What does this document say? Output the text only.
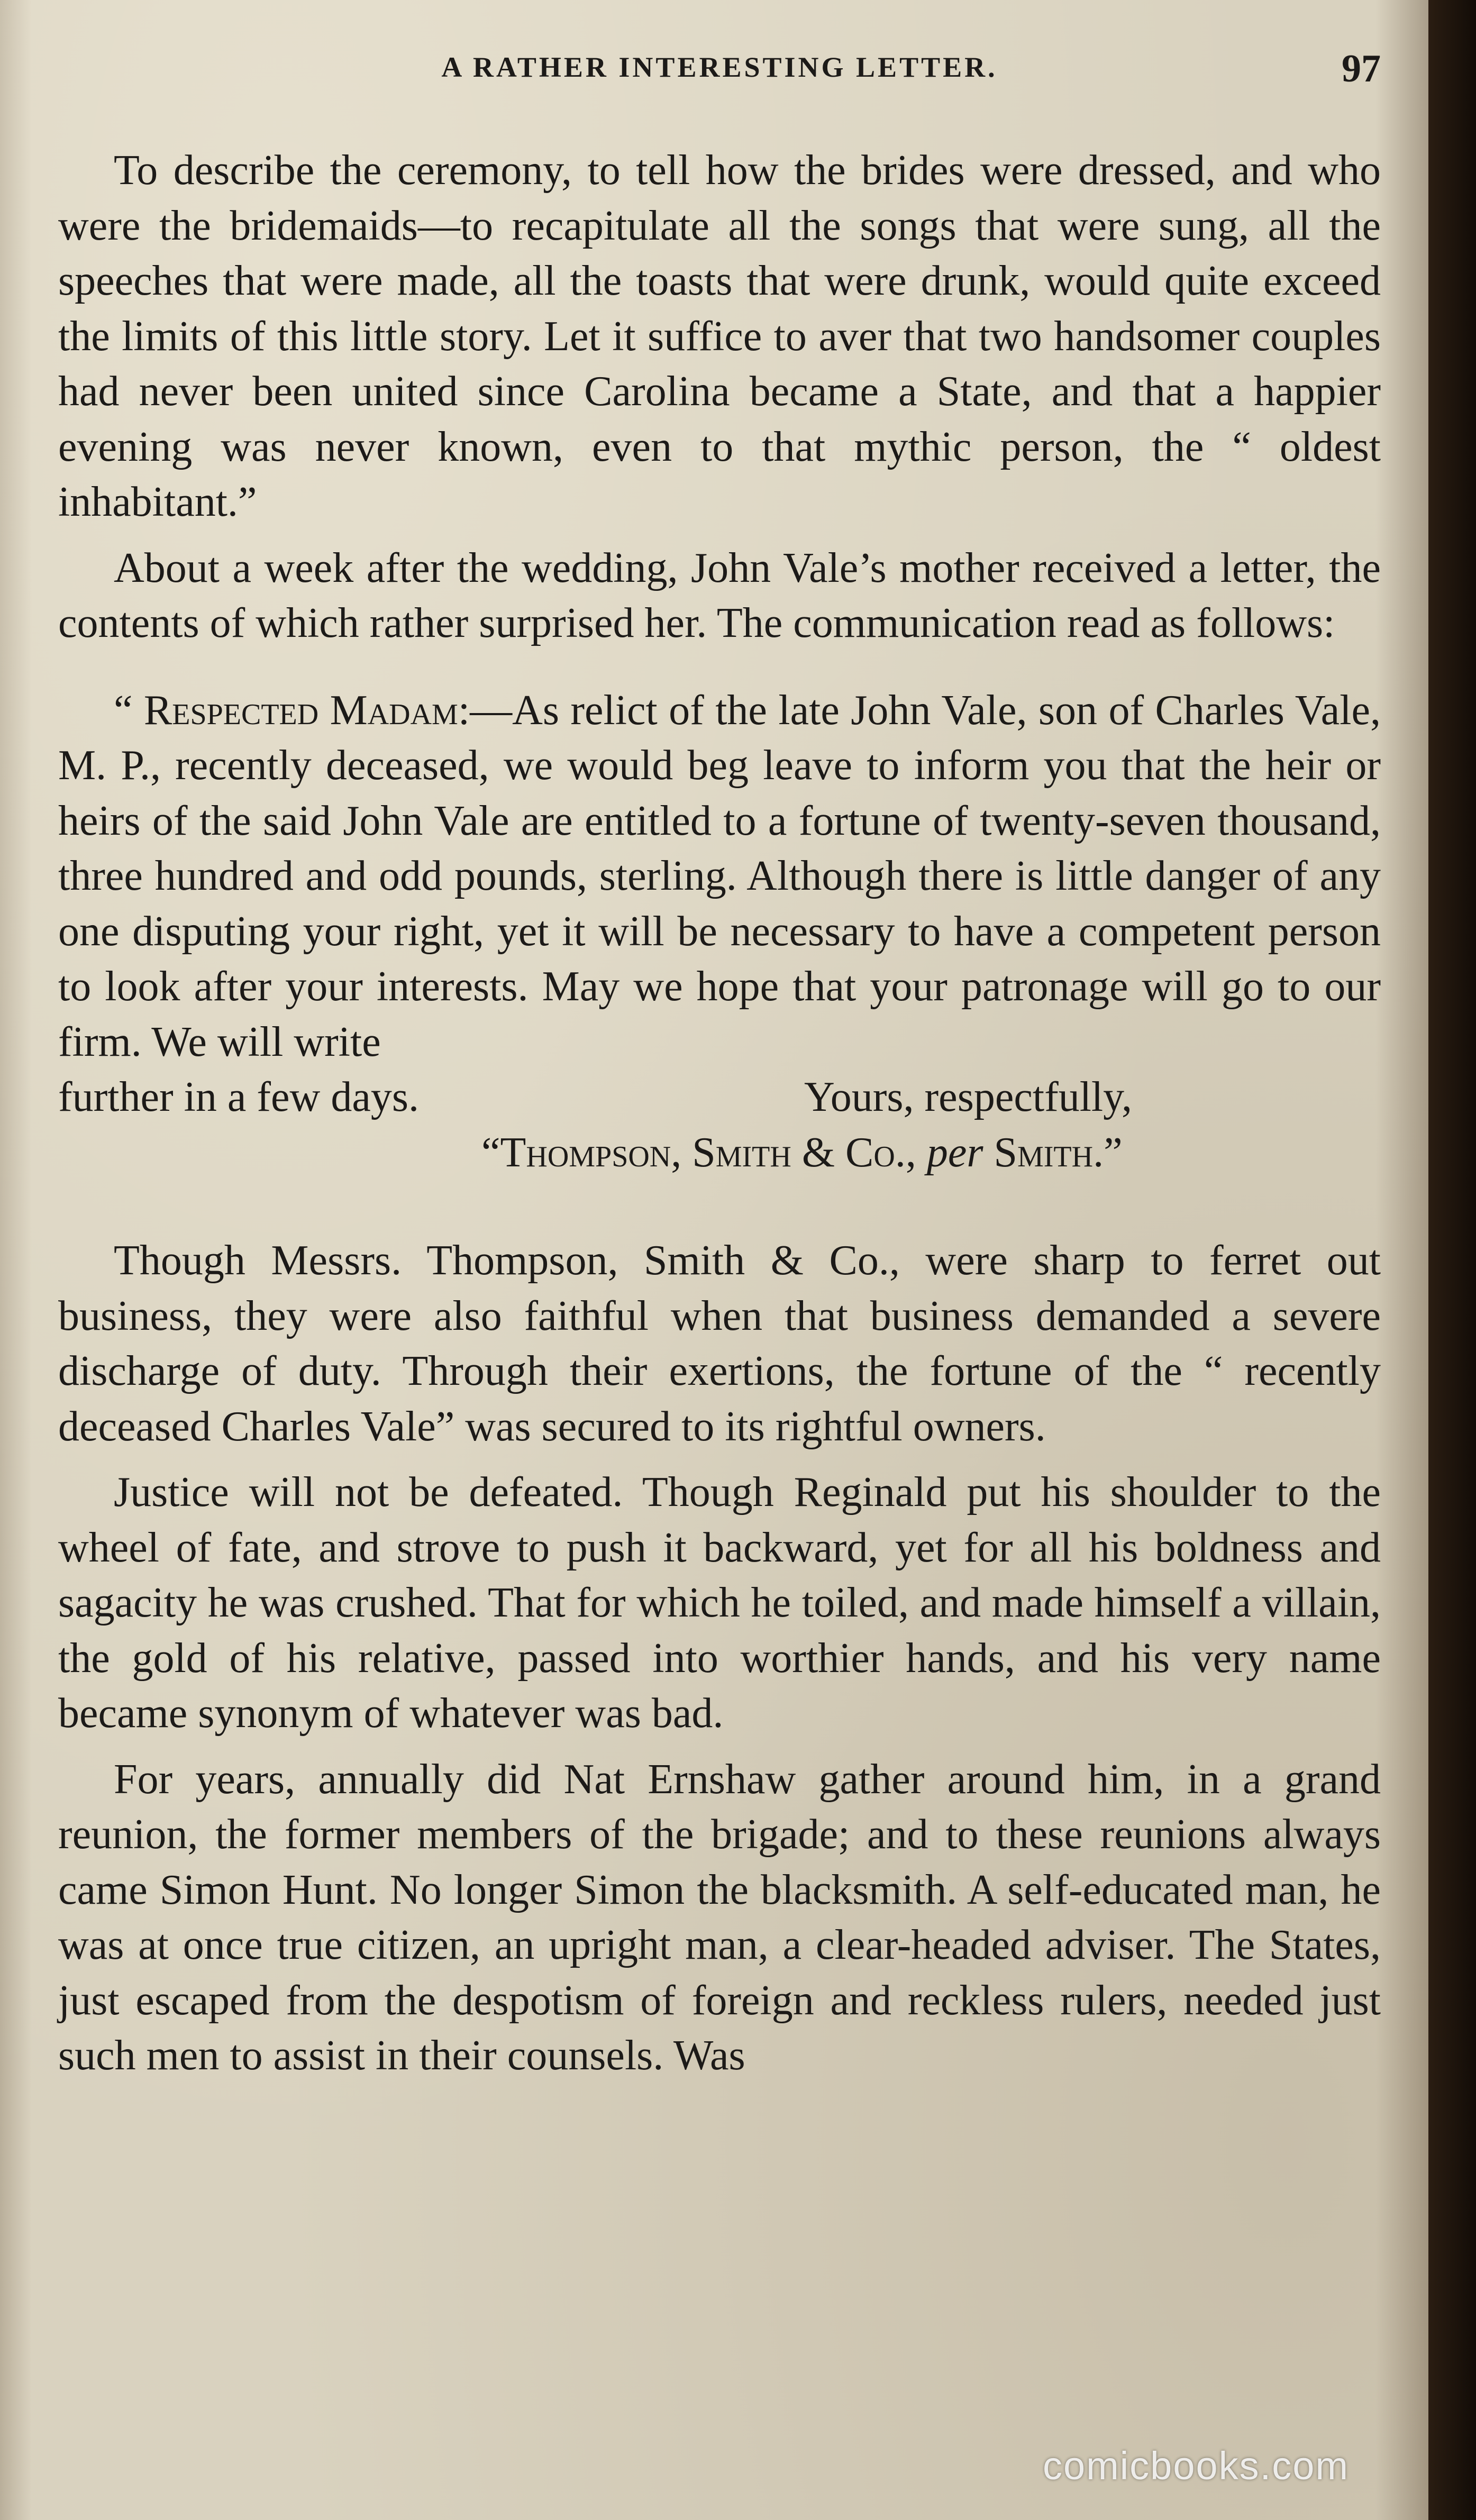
A RATHER INTERESTING LETTER.	97

To describe the ceremony, to tell how the brides were dressed, and who were the bridemaids—to recapitulate all the songs that were sung, all the speeches that were made, all the toasts that were drunk, would quite exceed the limits of this little story. Let it suffice to aver that two handsomer couples had never been united since Carolina became a State, and that a happier evening was never known, even to that mythic person, the “ oldest inhabitant.”

About a week after the wedding, John Vale’s mother received a letter, the contents of which rather surprised her. The communication read as follows:

“ Respected Madam:—As relict of the late John Vale, son of Charles Vale, M. P., recently deceased, we would beg leave to inform you that the heir or heirs of the said John Vale are entitled to a fortune of twenty-seven thousand, three hundred and odd pounds, sterling. Although there is little danger of any one disputing your right, yet it will be necessary to have a competent person to look after your interests. May we hope that your patronage will go to our firm. We will write

further in a few days.	Yours, respectfully,
“Thompson, Smith & Co., per Smith.”

Though Messrs. Thompson, Smith & Co., were sharp to ferret out business, they were also faithful when that business demanded a severe discharge of duty. Through their exertions, the fortune of the “ recently deceased Charles Vale” was secured to its rightful owners.

Justice will not be defeated. Though Reginald put his shoulder to the wheel of fate, and strove to push it backward, yet for all his boldness and sagacity he was crushed. That for which he toiled, and made himself a villain, the gold of his relative, passed into worthier hands, and his very name became synonym of whatever was bad.

For years, annually did Nat Ernshaw gather around him, in a grand reunion, the former members of the brigade; and to these reunions always came Simon Hunt. No longer Simon the blacksmith. A self-educated man, he was at once true citizen, an upright man, a clear-headed adviser. The States, just escaped from the despotism of foreign and reckless rulers, needed just such men to assist in their counsels. Was

comicbooks.com
